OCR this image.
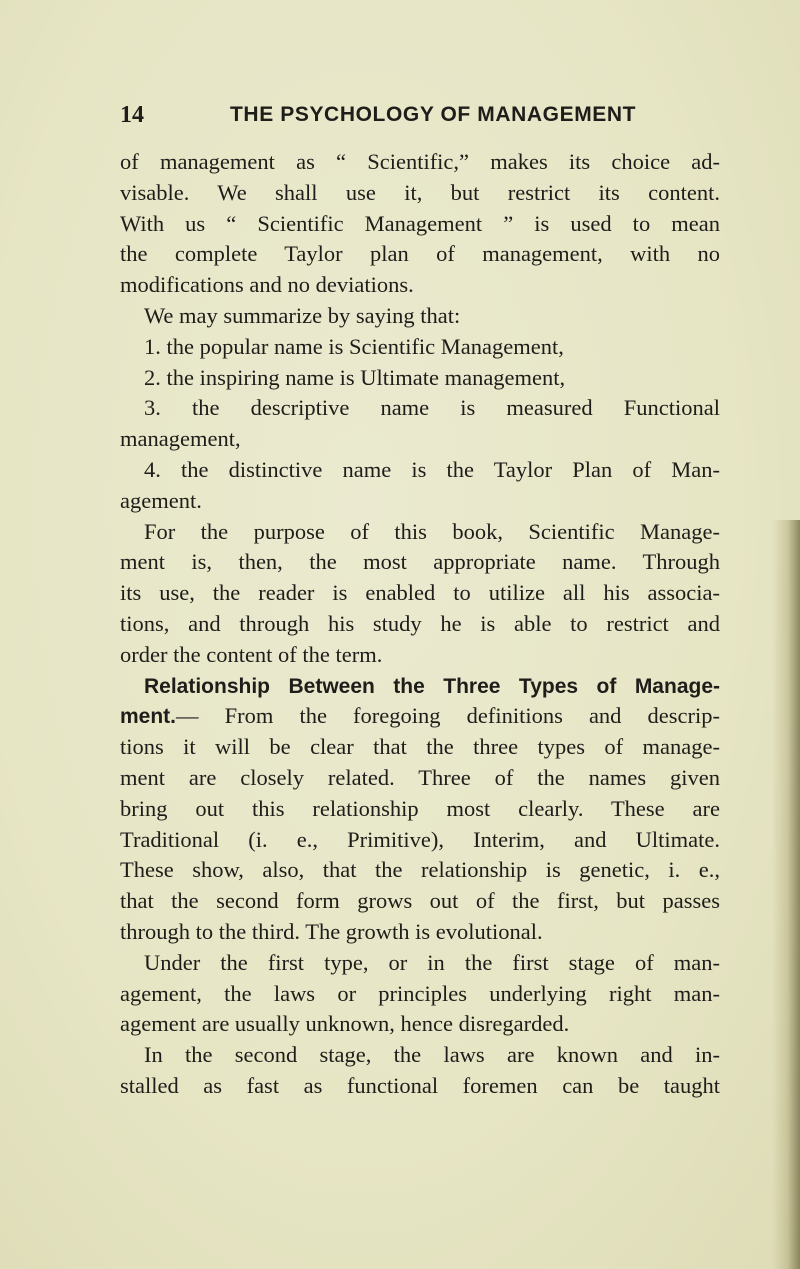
14	THE PSYCHOLOGY OF MANAGEMENT
of management as “ Scientific,” makes its choice ad-
visable. We shall use it, but restrict its content.
With us “ Scientific Management ” is used to mean
the complete Taylor plan of management, with no
modifications and no deviations.
We may summarize by saying that:
1. the popular name is Scientific Management,
2. the inspiring name is Ultimate management,
3. the descriptive name is measured Functional
management,
4. the distinctive name is the Taylor Plan of Man-
agement.
For the purpose of this book, Scientific Manage-
ment is, then, the most appropriate name. Through
its use, the reader is enabled to utilize all his associa-
tions, and through his study he is able to restrict and
order the content of the term.
Relationship Between the Three Types of Manage-
ment.— From the foregoing definitions and descrip-
tions it will be clear that the three types of manage-
ment are closely related. Three of the names given
bring out this relationship most clearly. These are
Traditional (i. e., Primitive), Interim, and Ultimate.
These show, also, that the relationship is genetic, i. e.,
that the second form grows out of the first, but passes
through to the third. The growth is evolutional.
Under the first type, or in the first stage of man-
agement, the laws or principles underlying right man-
agement are usually unknown, hence disregarded.
In the second stage, the laws are known and in-
stalled as fast as functional foremen can be taught
